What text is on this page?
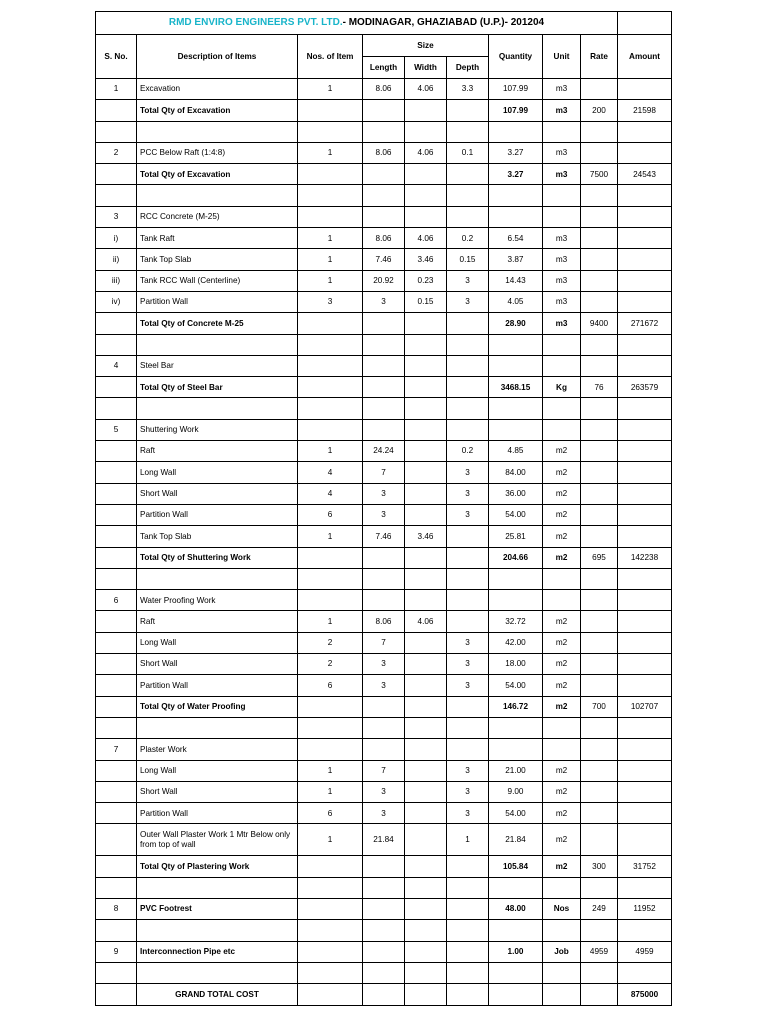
RMD ENVIRO ENGINEERS PVT. LTD.- MODINAGAR, GHAZIABAD (U.P.)- 201204									
S. No.	Description of Items	Nos. of Item	Size			Quantity	Unit	Rate	Amount
			Length	Width	Depth				
1	Excavation	1	8.06	4.06	3.3	107.99	m3		
	Total Qty of Excavation					107.99	m3	200	21598

2	PCC Below Raft (1:4:8)	1	8.06	4.06	0.1	3.27	m3		
	Total Qty of Excavation					3.27	m3	7500	24543

3	RCC Concrete (M-25)								
i)	Tank Raft	1	8.06	4.06	0.2	6.54	m3		
ii)	Tank Top Slab	1	7.46	3.46	0.15	3.87	m3		
iii)	Tank RCC Wall (Centerline)	1	20.92	0.23	3	14.43	m3		
iv)	Partition Wall	3	3	0.15	3	4.05	m3		
	Total Qty of Concrete M-25					28.90	m3	9400	271672

4	Steel Bar								
	Total Qty of Steel Bar					3468.15	Kg	76	263579

5	Shuttering Work								
	Raft	1	24.24		0.2	4.85	m2		
	Long Wall	4	7		3	84.00	m2		
	Short Wall	4	3		3	36.00	m2		
	Partition Wall	6	3		3	54.00	m2		
	Tank Top Slab	1	7.46	3.46		25.81	m2		
	Total Qty of Shuttering Work					204.66	m2	695	142238

6	Water Proofing Work								
	Raft	1	8.06	4.06		32.72	m2		
	Long Wall	2	7		3	42.00	m2		
	Short Wall	2	3		3	18.00	m2		
	Partition Wall	6	3		3	54.00	m2		
	Total Qty of Water Proofing					146.72	m2	700	102707

7	Plaster Work								
	Long Wall	1	7		3	21.00	m2		
	Short Wall	1	3		3	9.00	m2		
	Partition Wall	6	3		3	54.00	m2		
	Outer Wall Plaster Work 1 Mtr Below only from top of wall	1	21.84		1	21.84	m2		
	Total Qty of Plastering Work					105.84	m2	300	31752

8	PVC Footrest					48.00	Nos	249	11952

9	Interconnection Pipe etc					1.00	Job	4959	4959

	GRAND TOTAL COST								875000
